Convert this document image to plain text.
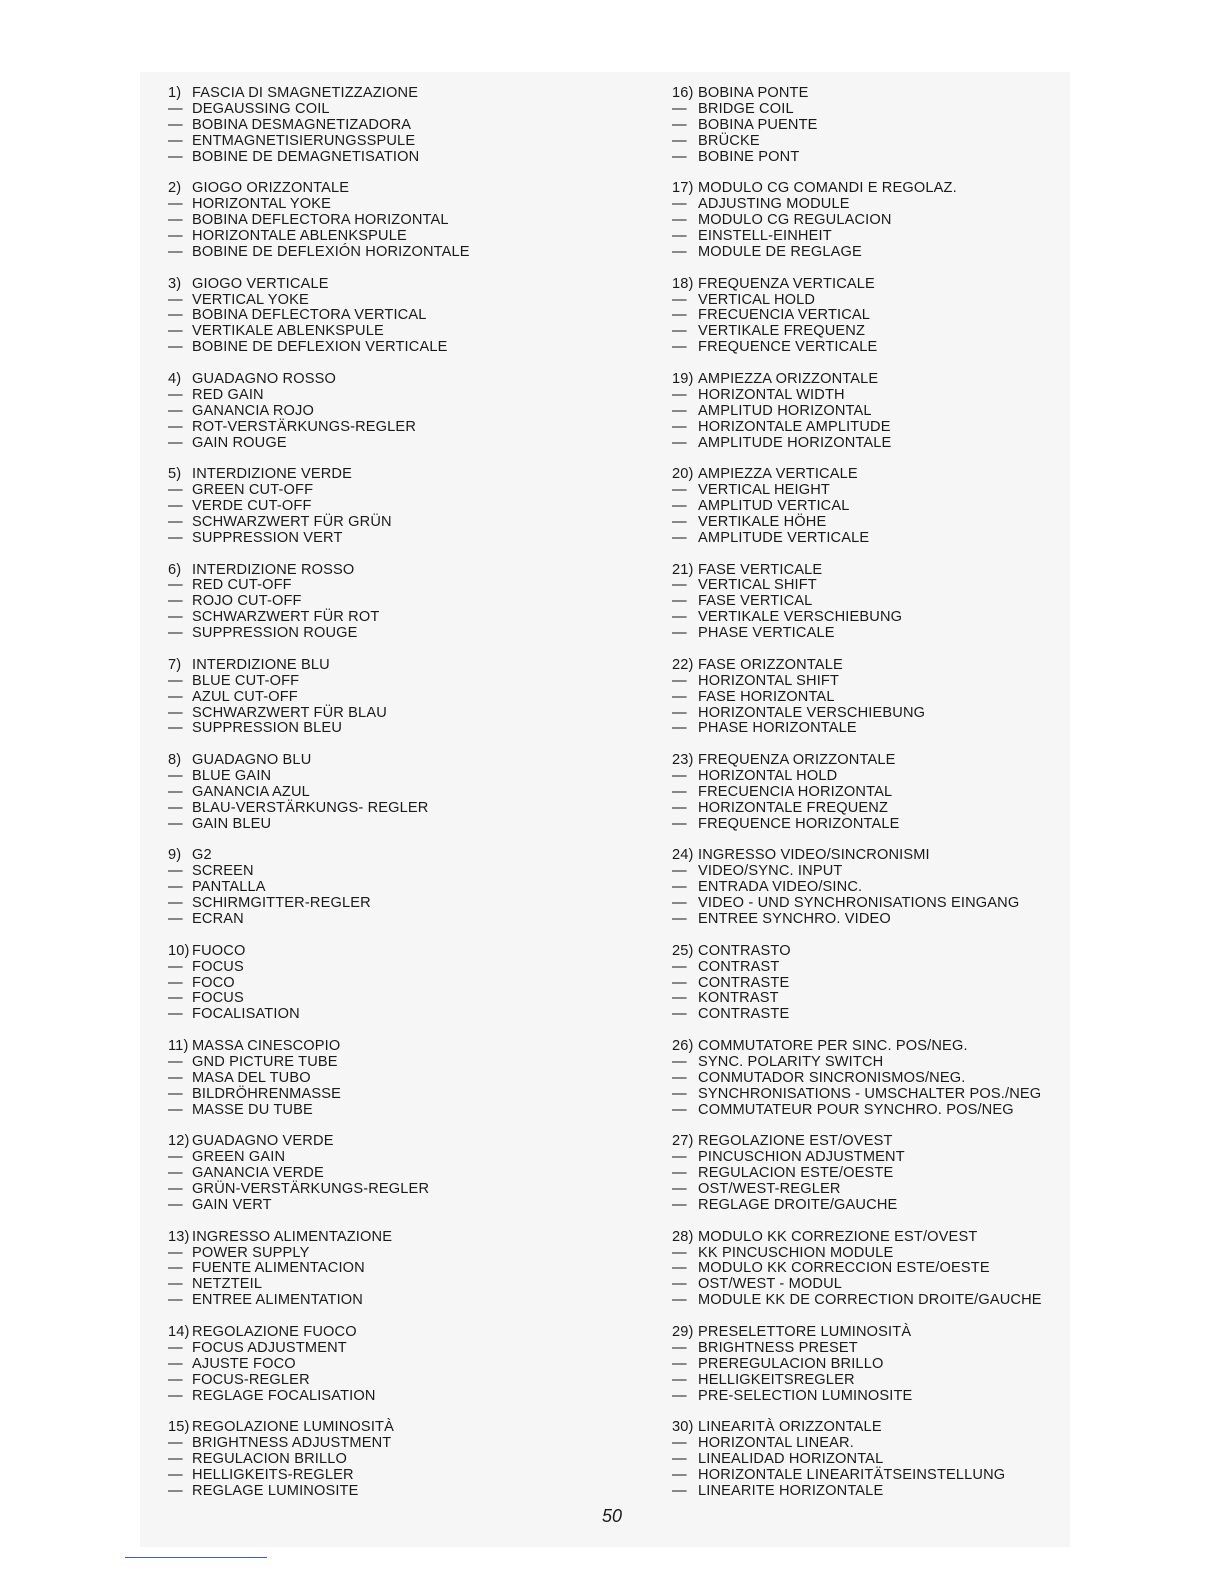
1) FASCIA DI SMAGNETIZZAZIONE
— DEGAUSSING COIL
— BOBINA DESMAGNETIZADORA
— ENTMAGNETISIERUNGSSPULE
— BOBINE DE DEMAGNETISATION
2) GIOGO ORIZZONTALE
— HORIZONTAL YOKE
— BOBINA DEFLECTORA HORIZONTAL
— HORIZONTALE ABLENKSPULE
— BOBINE DE DEFLEXIÓN HORIZONTALE
3) GIOGO VERTICALE
— VERTICAL YOKE
— BOBINA DEFLECTORA VERTICAL
— VERTIKALE ABLENKSPULE
— BOBINE DE DEFLEXION VERTICALE
4) GUADAGNO ROSSO
— RED GAIN
— GANANCIA ROJO
— ROT-VERSTÄRKUNGS-REGLER
— GAIN ROUGE
5) INTERDIZIONE VERDE
— GREEN CUT-OFF
— VERDE CUT-OFF
— SCHWARZWERT FÜR GRÜN
— SUPPRESSION VERT
6) INTERDIZIONE ROSSO
— RED CUT-OFF
— ROJO CUT-OFF
— SCHWARZWERT FÜR ROT
— SUPPRESSION ROUGE
7) INTERDIZIONE BLU
— BLUE CUT-OFF
— AZUL CUT-OFF
— SCHWARZWERT FÜR BLAU
— SUPPRESSION BLEU
8) GUADAGNO BLU
— BLUE GAIN
— GANANCIA AZUL
— BLAU-VERSTÄRKUNGS- REGLER
— GAIN BLEU
9) G2
— SCREEN
— PANTALLA
— SCHIRMGITTER-REGLER
— ECRAN
10) FUOCO
— FOCUS
— FOCO
— FOCUS
— FOCALISATION
11) MASSA CINESCOPIO
— GND PICTURE TUBE
— MASA DEL TUBO
— BILDRÖHRENMASSE
— MASSE DU TUBE
12) GUADAGNO VERDE
— GREEN GAIN
— GANANCIA VERDE
— GRÜN-VERSTÄRKUNGS-REGLER
— GAIN VERT
13) INGRESSO ALIMENTAZIONE
— POWER SUPPLY
— FUENTE ALIMENTACION
— NETZTEIL
— ENTREE ALIMENTATION
14) REGOLAZIONE FUOCO
— FOCUS ADJUSTMENT
— AJUSTE FOCO
— FOCUS-REGLER
— REGLAGE FOCALISATION
15) REGOLAZIONE LUMINOSITÀ
— BRIGHTNESS ADJUSTMENT
— REGULACION BRILLO
— HELLIGKEITS-REGLER
— REGLAGE LUMINOSITE
16) BOBINA PONTE
— BRIDGE COIL
— BOBINA PUENTE
— BRÜCKE
— BOBINE PONT
17) MODULO CG COMANDI E REGOLAZ.
— ADJUSTING MODULE
— MODULO CG REGULACION
— EINSTELL-EINHEIT
— MODULE DE REGLAGE
18) FREQUENZA VERTICALE
— VERTICAL HOLD
— FRECUENCIA VERTICAL
— VERTIKALE FREQUENZ
— FREQUENCE VERTICALE
19) AMPIEZZA ORIZZONTALE
— HORIZONTAL WIDTH
— AMPLITUD HORIZONTAL
— HORIZONTALE AMPLITUDE
— AMPLITUDE HORIZONTALE
20) AMPIEZZA VERTICALE
— VERTICAL HEIGHT
— AMPLITUD VERTICAL
— VERTIKALE HÖHE
— AMPLITUDE VERTICALE
21) FASE VERTICALE
— VERTICAL SHIFT
— FASE VERTICAL
— VERTIKALE VERSCHIEBUNG
— PHASE VERTICALE
22) FASE ORIZZONTALE
— HORIZONTAL SHIFT
— FASE HORIZONTAL
— HORIZONTALE VERSCHIEBUNG
— PHASE HORIZONTALE
23) FREQUENZA ORIZZONTALE
— HORIZONTAL HOLD
— FRECUENCIA HORIZONTAL
— HORIZONTALE FREQUENZ
— FREQUENCE HORIZONTALE
24) INGRESSO VIDEO/SINCRONISMI
— VIDEO/SYNC. INPUT
— ENTRADA VIDEO/SINC.
— VIDEO - UND SYNCHRONISATIONS EINGANG
— ENTREE SYNCHRO. VIDEO
25) CONTRASTO
— CONTRAST
— CONTRASTE
— KONTRAST
— CONTRASTE
26) COMMUTATORE PER SINC. POS/NEG.
— SYNC. POLARITY SWITCH
— CONMUTADOR SINCRONISMOS/NEG.
— SYNCHRONISATIONS - UMSCHALTER POS./NEG
— COMMUTATEUR POUR SYNCHRO. POS/NEG
27) REGOLAZIONE EST/OVEST
— PINCUSCHION ADJUSTMENT
— REGULACION ESTE/OESTE
— OST/WEST-REGLER
— REGLAGE DROITE/GAUCHE
28) MODULO KK CORREZIONE EST/OVEST
— KK PINCUSCHION MODULE
— MODULO KK CORRECCION ESTE/OESTE
— OST/WEST - MODUL
— MODULE KK DE CORRECTION DROITE/GAUCHE
29) PRESELETTORE LUMINOSITÀ
— BRIGHTNESS PRESET
— PREREGULACION BRILLO
— HELLIGKEITSREGLER
— PRE-SELECTION LUMINOSITE
30) LINEARITÀ ORIZZONTALE
— HORIZONTAL LINEAR.
— LINEALIDAD HORIZONTAL
— HORIZONTALE LINEARITÄTSEINSTELLUNG
— LINEARITE HORIZONTALE
50
